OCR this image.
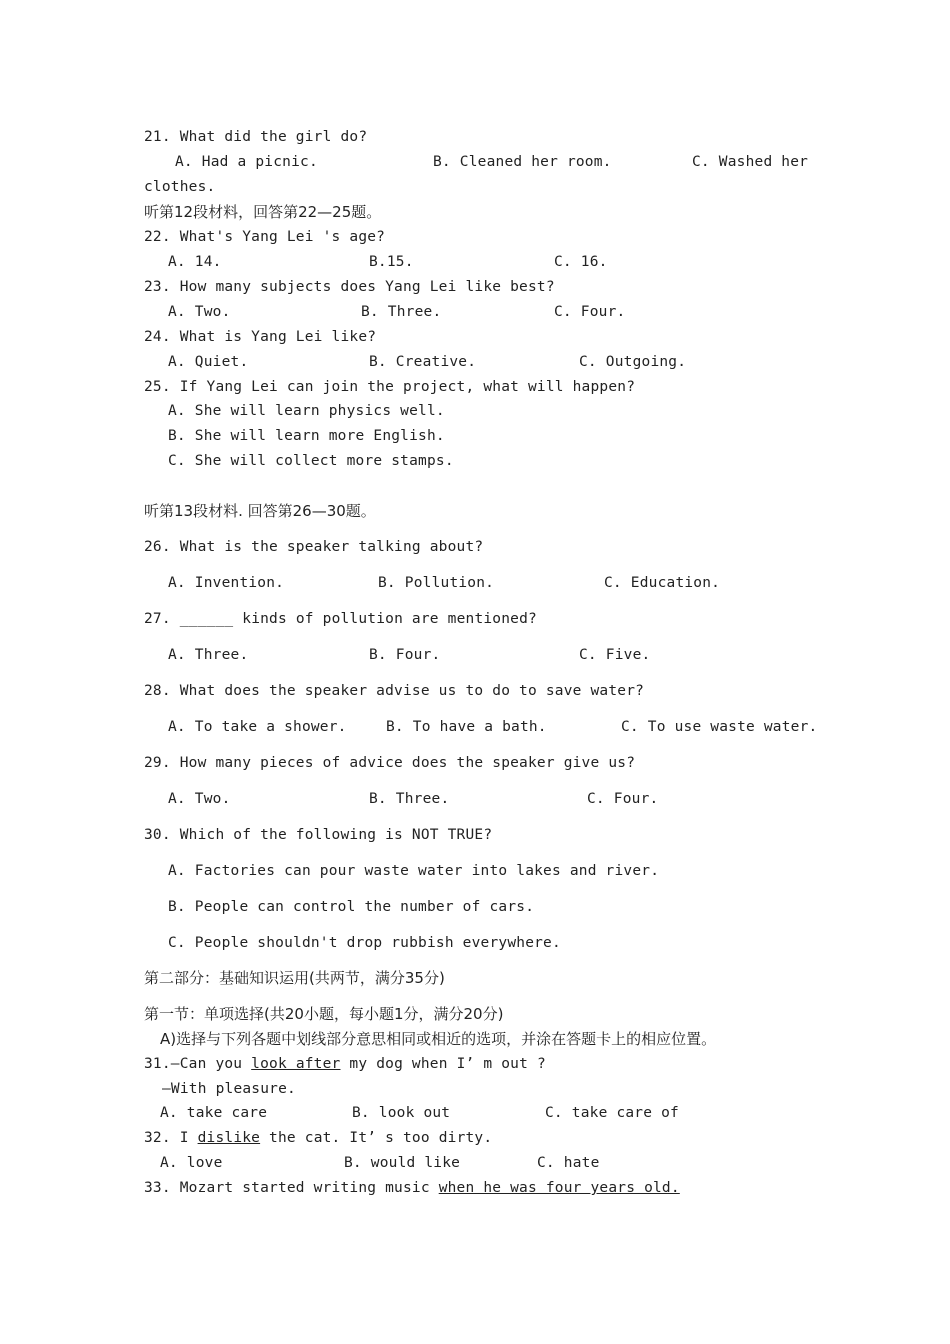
21. What did the girl do?
A. Had a picnic.	B. Cleaned her room.	C. Washed her
clothes.
听第12段材料，回答第22—25题。
22. What's Yang Lei 's age?
A. 14.	B.15.	C. 16.
23. How many subjects does Yang Lei like best?
A. Two.	B. Three.	C. Four.
24. What is Yang Lei like?
A. Quiet.	B. Creative.	C. Outgoing.
25. If Yang Lei can join the project, what will happen?
A. She will learn physics well.
B. She will learn more English.
C. She will collect more stamps.
听第13段材料. 回答第26—30题。
26. What is the speaker talking about?
A. Invention.	B. Pollution.	C. Education.
27. ______ kinds of pollution are mentioned?
A. Three.	B. Four.	C. Five.
28. What does the speaker advise us to do to save water?
A. To take a shower.	B. To have a bath.	C. To use waste water.
29. How many pieces of advice does the speaker give us?
A. Two.	B. Three.	C. Four.
30. Which of the following is NOT TRUE?
A. Factories can pour waste water into lakes and river.
B. People can control the number of cars.
C. People shouldn't drop rubbish everywhere.
第二部分：基础知识运用(共两节，满分35分)
第一节：单项选择(共20小题，每小题1分，满分20分)
A)选择与下列各题中划线部分意思相同或相近的选项，并涂在答题卡上的相应位置。
31.—Can you look after my dog when I’ m out ?
—With pleasure.
A. take care	B. look out	C. take care of
32. I dislike the cat. It’ s too dirty.
A. love	B. would like	C. hate
33. Mozart started writing music when he was four years old.
